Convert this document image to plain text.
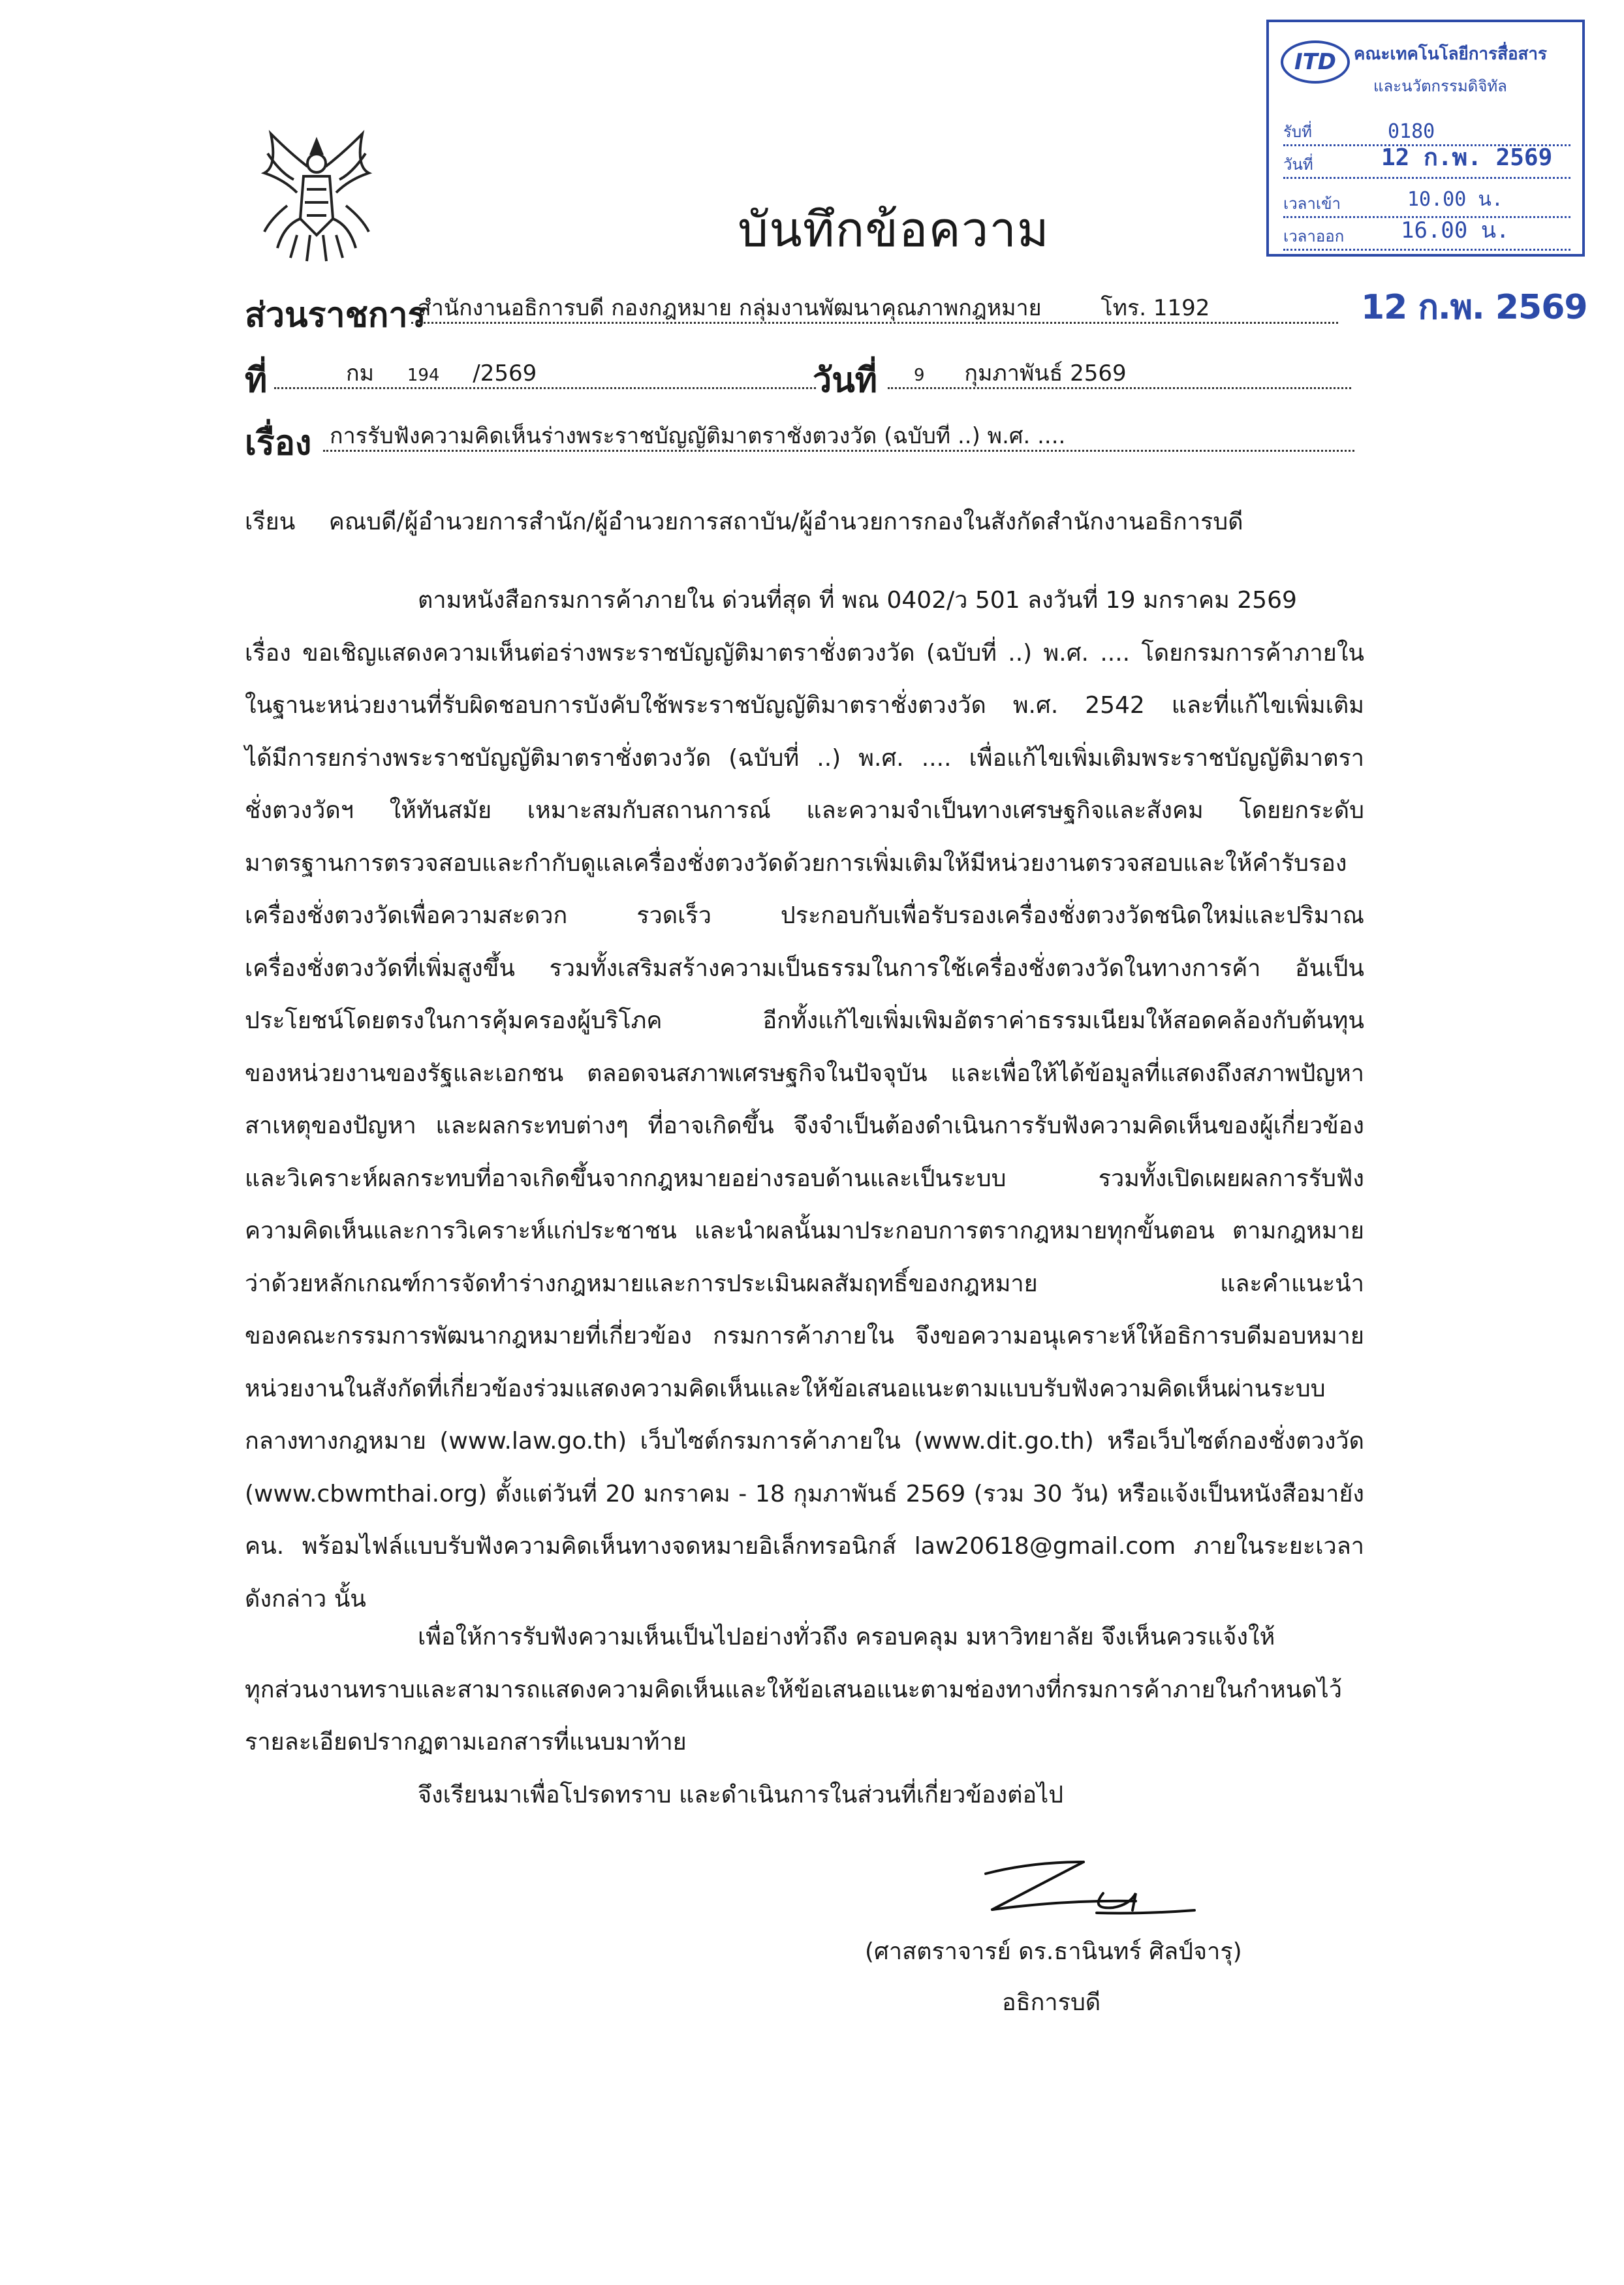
บันทึกข้อความ
ITD	คณะเทคโนโลยีการสื่อสาร
และนวัตกรรมดิจิทัล
รับที่	0180
วันที่	12 ก.พ. 2569
เวลาเข้า	10.00 น.
เวลาออก	16.00 น.
12 ก.พ. 2569
ส่วนราชการ
สำนักงานอธิการบดี กองกฎหมาย กลุ่มงานพัฒนาคุณภาพกฎหมาย	โทร. 1192
ที่	กม 194 /2569	วันที่	9 กุมภาพันธ์ 2569
เรื่อง การรับฟังความคิดเห็นร่างพระราชบัญญัติมาตราชั่งตวงวัด (ฉบับที่ ..) พ.ศ. ....
เรียน คณบดี/ผู้อำนวยการสำนัก/ผู้อำนวยการสถาบัน/ผู้อำนวยการกองในสังกัดสำนักงานอธิการบดี
ตามหนังสือกรมการค้าภายใน ด่วนที่สุด ที่ พณ 0402/ว 501 ลงวันที่ 19 มกราคม 2569
เรื่อง ขอเชิญแสดงความเห็นต่อร่างพระราชบัญญัติมาตราชั่งตวงวัด (ฉบับที่ ..) พ.ศ. .... โดยกรมการค้าภายใน
ในฐานะหน่วยงานที่รับผิดชอบการบังคับใช้พระราชบัญญัติมาตราชั่งตวงวัด พ.ศ. 2542 และที่แก้ไขเพิ่มเติม
ได้มีการยกร่างพระราชบัญญัติมาตราชั่งตวงวัด (ฉบับที่ ..) พ.ศ. .... เพื่อแก้ไขเพิ่มเติมพระราชบัญญัติมาตรา
ชั่งตวงวัดฯ ให้ทันสมัย เหมาะสมกับสถานการณ์ และความจำเป็นทางเศรษฐกิจและสังคม โดยยกระดับ
มาตรฐานการตรวจสอบและกำกับดูแลเครื่องชั่งตวงวัดด้วยการเพิ่มเติมให้มีหน่วยงานตรวจสอบและให้คำรับรอง
เครื่องชั่งตวงวัดเพื่อความสะดวก รวดเร็ว ประกอบกับเพื่อรับรองเครื่องชั่งตวงวัดชนิดใหม่และปริมาณ
เครื่องชั่งตวงวัดที่เพิ่มสูงขึ้น รวมทั้งเสริมสร้างความเป็นธรรมในการใช้เครื่องชั่งตวงวัดในทางการค้า อันเป็น
ประโยชน์โดยตรงในการคุ้มครองผู้บริโภค อีกทั้งแก้ไขเพิ่มเพิมอัตราค่าธรรมเนียมให้สอดคล้องกับต้นทุน
ของหน่วยงานของรัฐและเอกชน ตลอดจนสภาพเศรษฐกิจในปัจจุบัน และเพื่อให้ได้ข้อมูลที่แสดงถึงสภาพปัญหา
สาเหตุของปัญหา และผลกระทบต่างๆ ที่อาจเกิดขึ้น จึงจำเป็นต้องดำเนินการรับฟังความคิดเห็นของผู้เกี่ยวข้อง
และวิเคราะห์ผลกระทบที่อาจเกิดขึ้นจากกฎหมายอย่างรอบด้านและเป็นระบบ รวมทั้งเปิดเผยผลการรับฟัง
ความคิดเห็นและการวิเคราะห์แก่ประชาชน และนำผลนั้นมาประกอบการตรากฎหมายทุกขั้นตอน ตามกฎหมาย
ว่าด้วยหลักเกณฑ์การจัดทำร่างกฎหมายและการประเมินผลสัมฤทธิ์ของกฎหมาย และคำแนะนำ
ของคณะกรรมการพัฒนากฎหมายที่เกี่ยวข้อง กรมการค้าภายใน จึงขอความอนุเคราะห์ให้อธิการบดีมอบหมาย
หน่วยงานในสังกัดที่เกี่ยวข้องร่วมแสดงความคิดเห็นและให้ข้อเสนอแนะตามแบบรับฟังความคิดเห็นผ่านระบบ
กลางทางกฎหมาย (www.law.go.th) เว็บไซต์กรมการค้าภายใน (www.dit.go.th) หรือเว็บไซต์กองชั่งตวงวัด
(www.cbwmthai.org) ตั้งแต่วันที่ 20 มกราคม - 18 กุมภาพันธ์ 2569 (รวม 30 วัน) หรือแจ้งเป็นหนังสือมายัง
คน. พร้อมไฟล์แบบรับฟังความคิดเห็นทางจดหมายอิเล็กทรอนิกส์ law20618@gmail.com ภายในระยะเวลา
ดังกล่าว นั้น
เพื่อให้การรับฟังความเห็นเป็นไปอย่างทั่วถึง ครอบคลุม มหาวิทยาลัย จึงเห็นควรแจ้งให้
ทุกส่วนงานทราบและสามารถแสดงความคิดเห็นและให้ข้อเสนอแนะตามช่องทางที่กรมการค้าภายในกำหนดไว้
รายละเอียดปรากฏตามเอกสารที่แนบมาท้าย
จึงเรียนมาเพื่อโปรดทราบ และดำเนินการในส่วนที่เกี่ยวข้องต่อไป
(ศาสตราจารย์ ดร.ธานินทร์ ศิลป์จารุ)
อธิการบดี
